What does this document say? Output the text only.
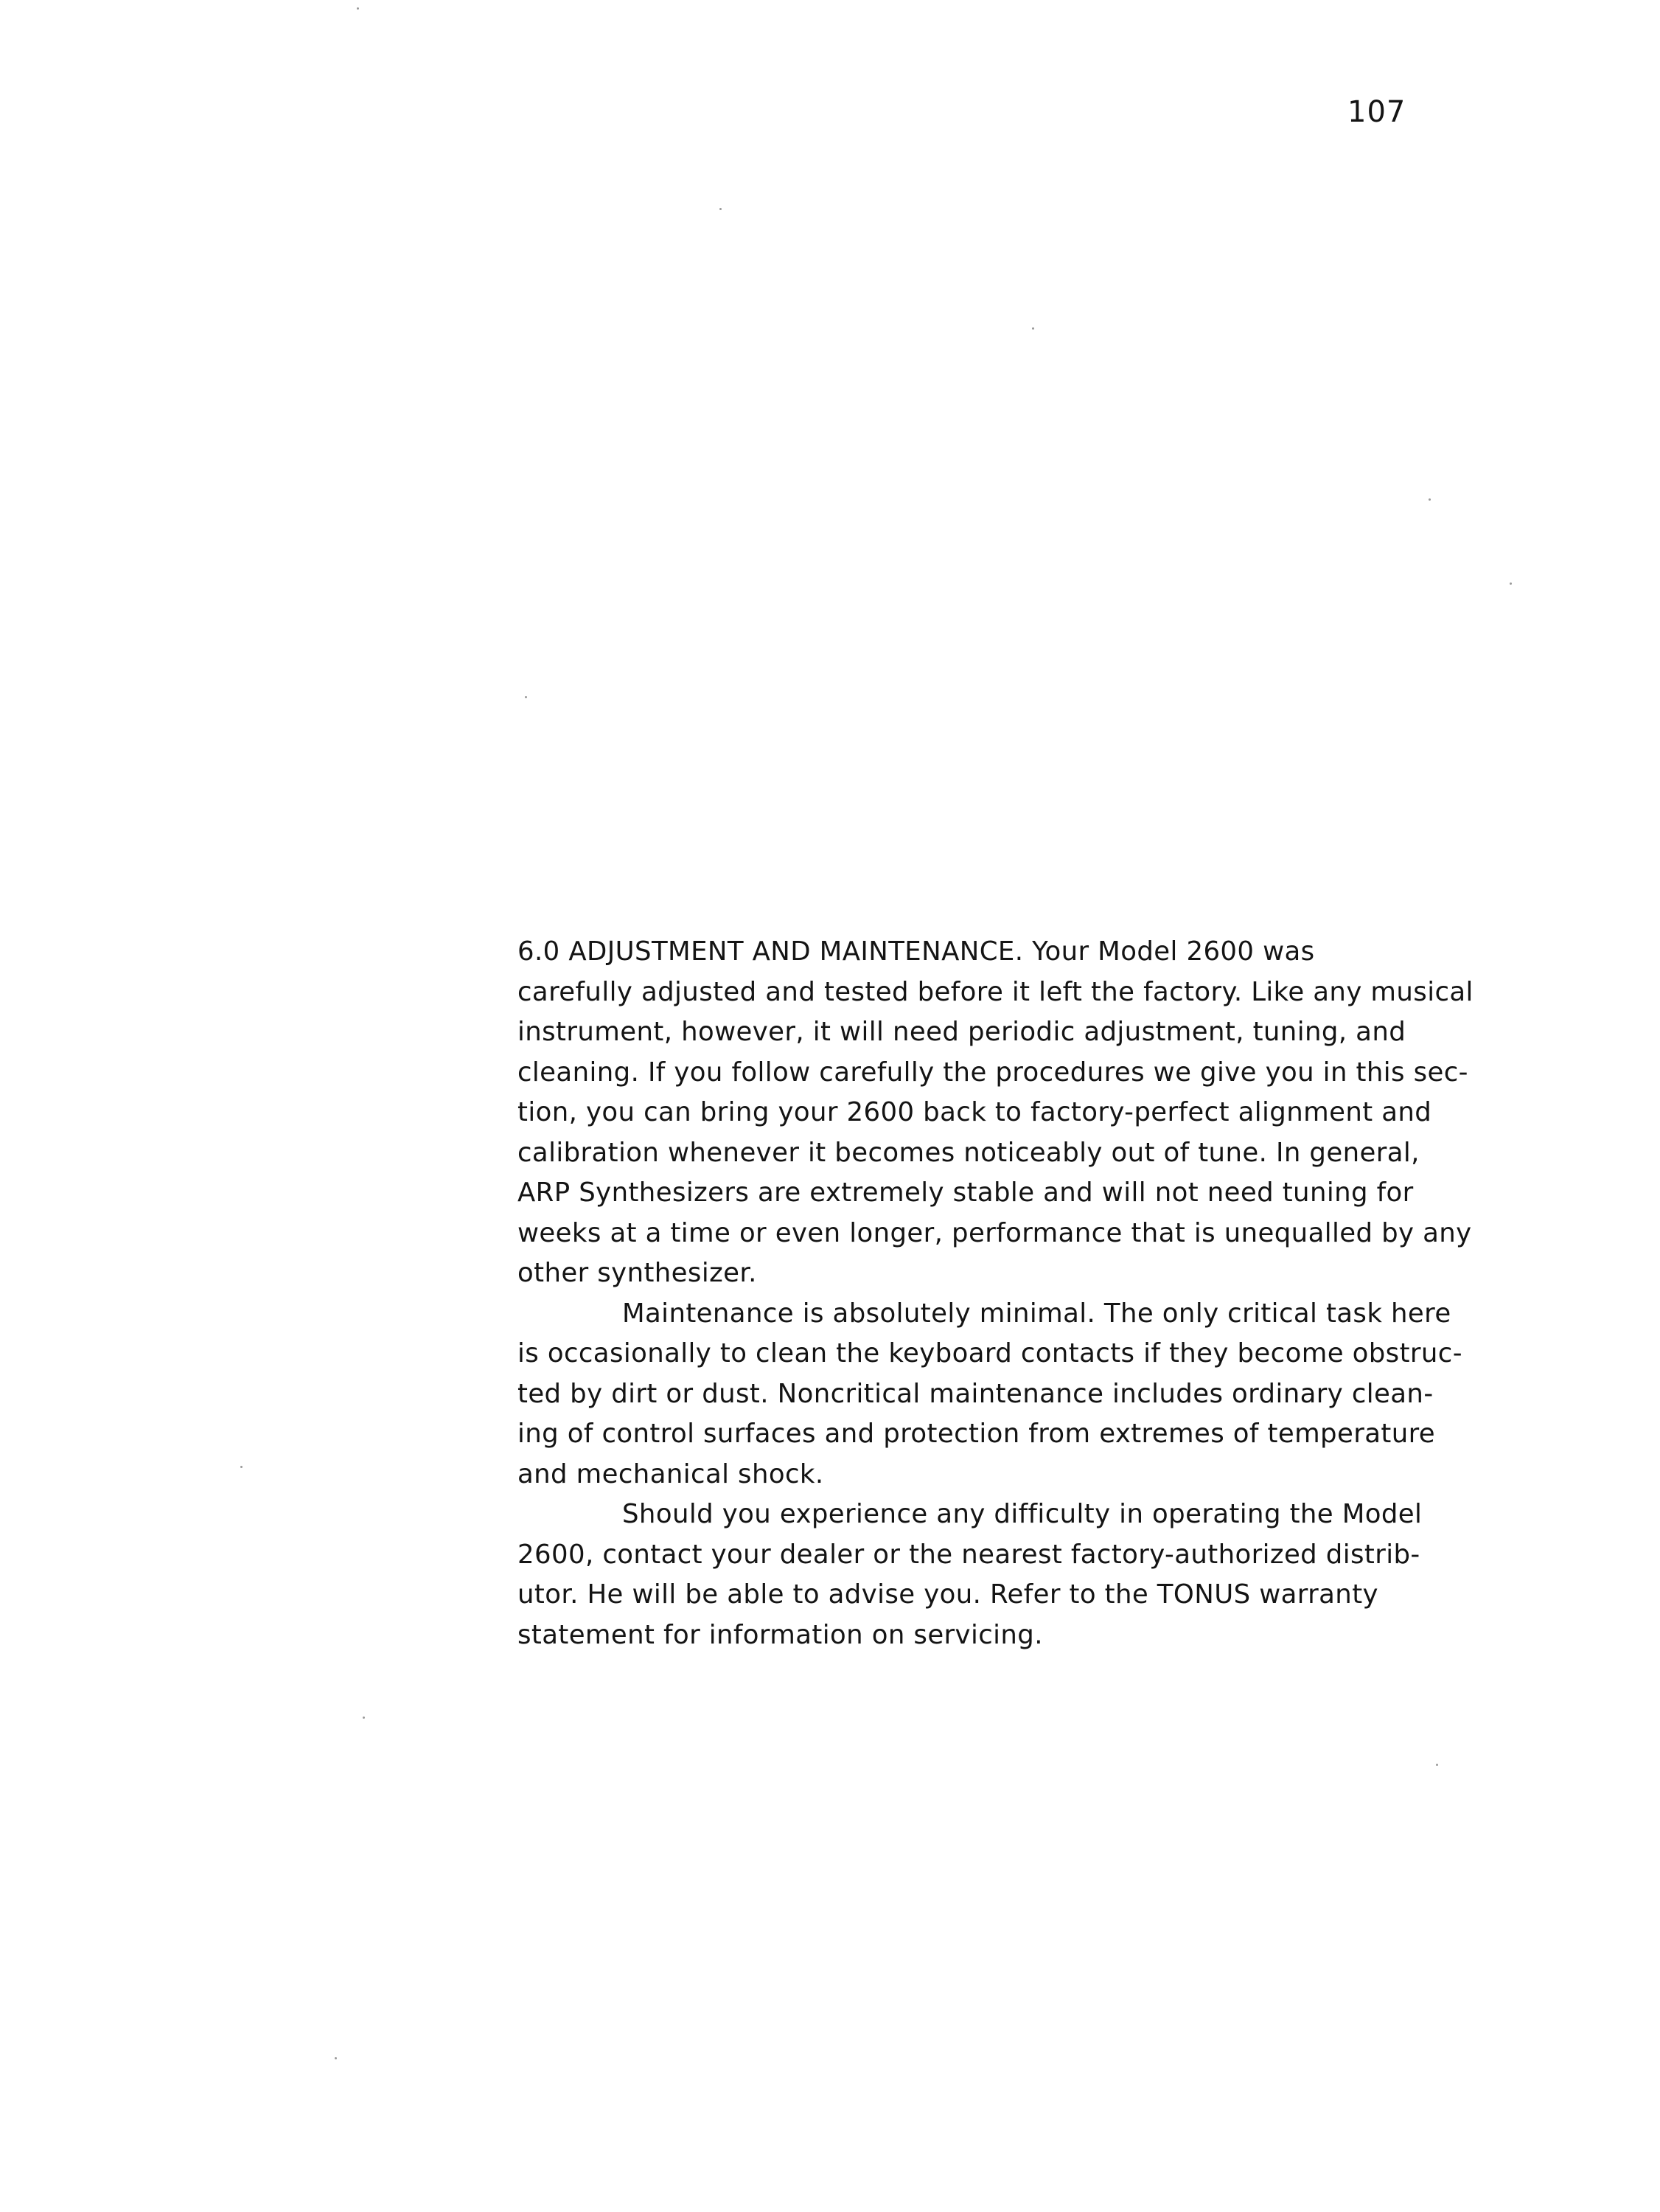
107
6.0 ADJUSTMENT AND MAINTENANCE. Your Model 2600 was
carefully adjusted and tested before it left the factory. Like any musical
instrument, however, it will need periodic adjustment, tuning, and
cleaning. If you follow carefully the procedures we give you in this sec-
tion, you can bring your 2600 back to factory-perfect alignment and
calibration whenever it becomes noticeably out of tune. In general,
ARP Synthesizers are extremely stable and will not need tuning for
weeks at a time or even longer, performance that is unequalled by any
other synthesizer.
Maintenance is absolutely minimal. The only critical task here
is occasionally to clean the keyboard contacts if they become obstruc-
ted by dirt or dust. Noncritical maintenance includes ordinary clean-
ing of control surfaces and protection from extremes of temperature
and mechanical shock.
Should you experience any difficulty in operating the Model
2600, contact your dealer or the nearest factory-authorized distrib-
utor. He will be able to advise you. Refer to the TONUS warranty
statement for information on servicing.
